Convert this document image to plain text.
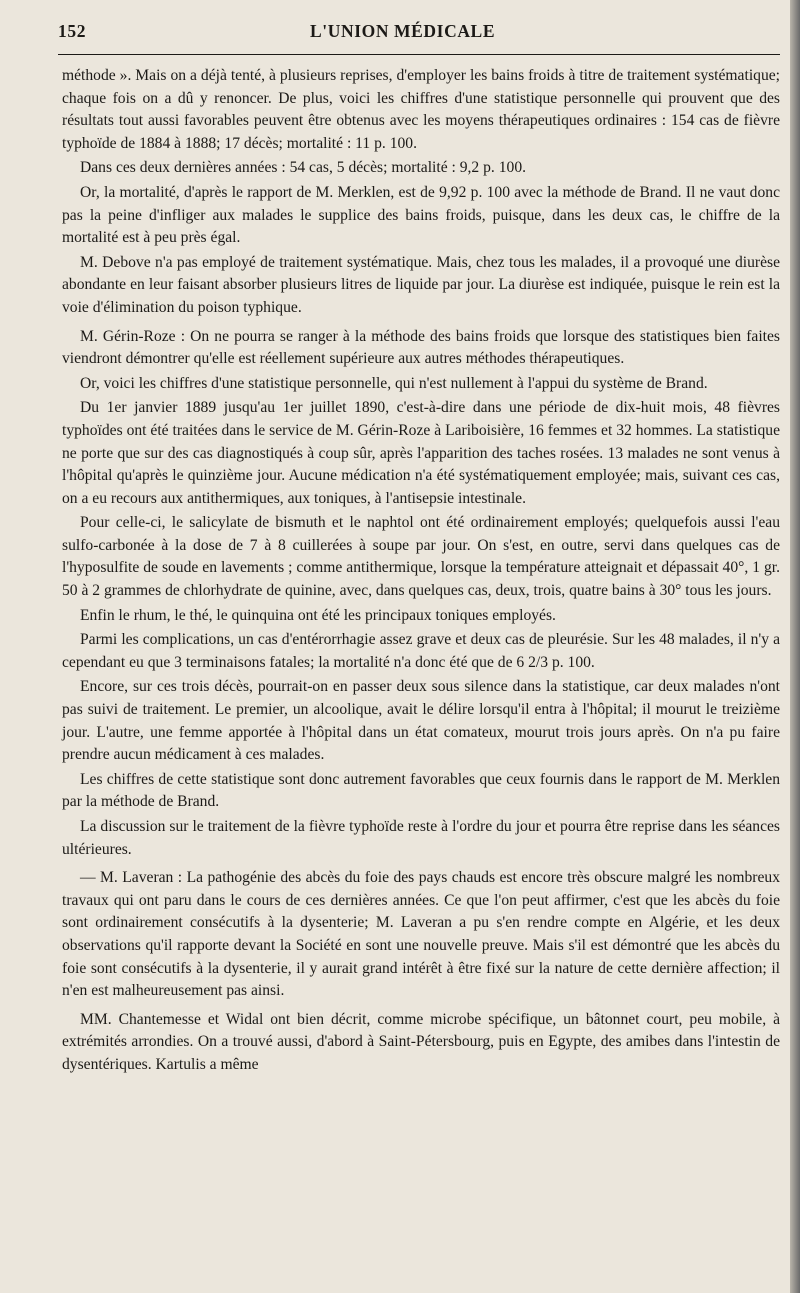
152	L'UNION MÉDICALE

méthode ». Mais on a déjà tenté, à plusieurs reprises, d'employer les bains froids à titre de traitement systématique; chaque fois on a dû y renoncer. De plus, voici les chiffres d'une statistique personnelle qui prouvent que des résultats tout aussi favorables peuvent être obtenus avec les moyens thérapeutiques ordinaires : 154 cas de fièvre typhoïde de 1884 à 1888; 17 décès; mortalité : 11 p. 100.

Dans ces deux dernières années : 54 cas, 5 décès; mortalité : 9,2 p. 100.

Or, la mortalité, d'après le rapport de M. Merklen, est de 9,92 p. 100 avec la méthode de Brand. Il ne vaut donc pas la peine d'infliger aux malades le supplice des bains froids, puisque, dans les deux cas, le chiffre de la mortalité est à peu près égal.

M. Debove n'a pas employé de traitement systématique. Mais, chez tous les malades, il a provoqué une diurèse abondante en leur faisant absorber plusieurs litres de liquide par jour. La diurèse est indiquée, puisque le rein est la voie d'élimination du poison typhique.

M. Gérin-Roze : On ne pourra se ranger à la méthode des bains froids que lorsque des statistiques bien faites viendront démontrer qu'elle est réellement supérieure aux autres méthodes thérapeutiques.

Or, voici les chiffres d'une statistique personnelle, qui n'est nullement à l'appui du système de Brand.

Du 1er janvier 1889 jusqu'au 1er juillet 1890, c'est-à-dire dans une période de dix-huit mois, 48 fièvres typhoïdes ont été traitées dans le service de M. Gérin-Roze à Lariboisière, 16 femmes et 32 hommes. La statistique ne porte que sur des cas diagnostiqués à coup sûr, après l'apparition des taches rosées. 13 malades ne sont venus à l'hôpital qu'après le quinzième jour. Aucune médication n'a été systématiquement employée; mais, suivant ces cas, on a eu recours aux antithermiques, aux toniques, à l'antisepsie intestinale.

Pour celle-ci, le salicylate de bismuth et le naphtol ont été ordinairement employés; quelquefois aussi l'eau sulfo-carbonée à la dose de 7 à 8 cuillerées à soupe par jour. On s'est, en outre, servi dans quelques cas de l'hyposulfite de soude en lavements ; comme antithermique, lorsque la température atteignait et dépassait 40°, 1 gr. 50 à 2 grammes de chlorhydrate de quinine, avec, dans quelques cas, deux, trois, quatre bains à 30° tous les jours.

Enfin le rhum, le thé, le quinquina ont été les principaux toniques employés.

Parmi les complications, un cas d'entérorrhagie assez grave et deux cas de pleurésie. Sur les 48 malades, il n'y a cependant eu que 3 terminaisons fatales; la mortalité n'a donc été que de 6 2/3 p. 100.

Encore, sur ces trois décès, pourrait-on en passer deux sous silence dans la statistique, car deux malades n'ont pas suivi de traitement. Le premier, un alcoolique, avait le délire lorsqu'il entra à l'hôpital; il mourut le treizième jour. L'autre, une femme apportée à l'hôpital dans un état comateux, mourut trois jours après. On n'a pu faire prendre aucun médicament à ces malades.

Les chiffres de cette statistique sont donc autrement favorables que ceux fournis dans le rapport de M. Merklen par la méthode de Brand.

La discussion sur le traitement de la fièvre typhoïde reste à l'ordre du jour et pourra être reprise dans les séances ultérieures.

— M. Laveran : La pathogénie des abcès du foie des pays chauds est encore très obscure malgré les nombreux travaux qui ont paru dans le cours de ces dernières années. Ce que l'on peut affirmer, c'est que les abcès du foie sont ordinairement consécutifs à la dysenterie; M. Laveran a pu s'en rendre compte en Algérie, et les deux observations qu'il rapporte devant la Société en sont une nouvelle preuve. Mais s'il est démontré que les abcès du foie sont consécutifs à la dysenterie, il y aurait grand intérêt à être fixé sur la nature de cette dernière affection; il n'en est malheureusement pas ainsi.

MM. Chantemesse et Widal ont bien décrit, comme microbe spécifique, un bâtonnet court, peu mobile, à extrémités arrondies. On a trouvé aussi, d'abord à Saint-Pétersbourg, puis en Egypte, des amibes dans l'intestin de dysentériques. Kartulis a même
